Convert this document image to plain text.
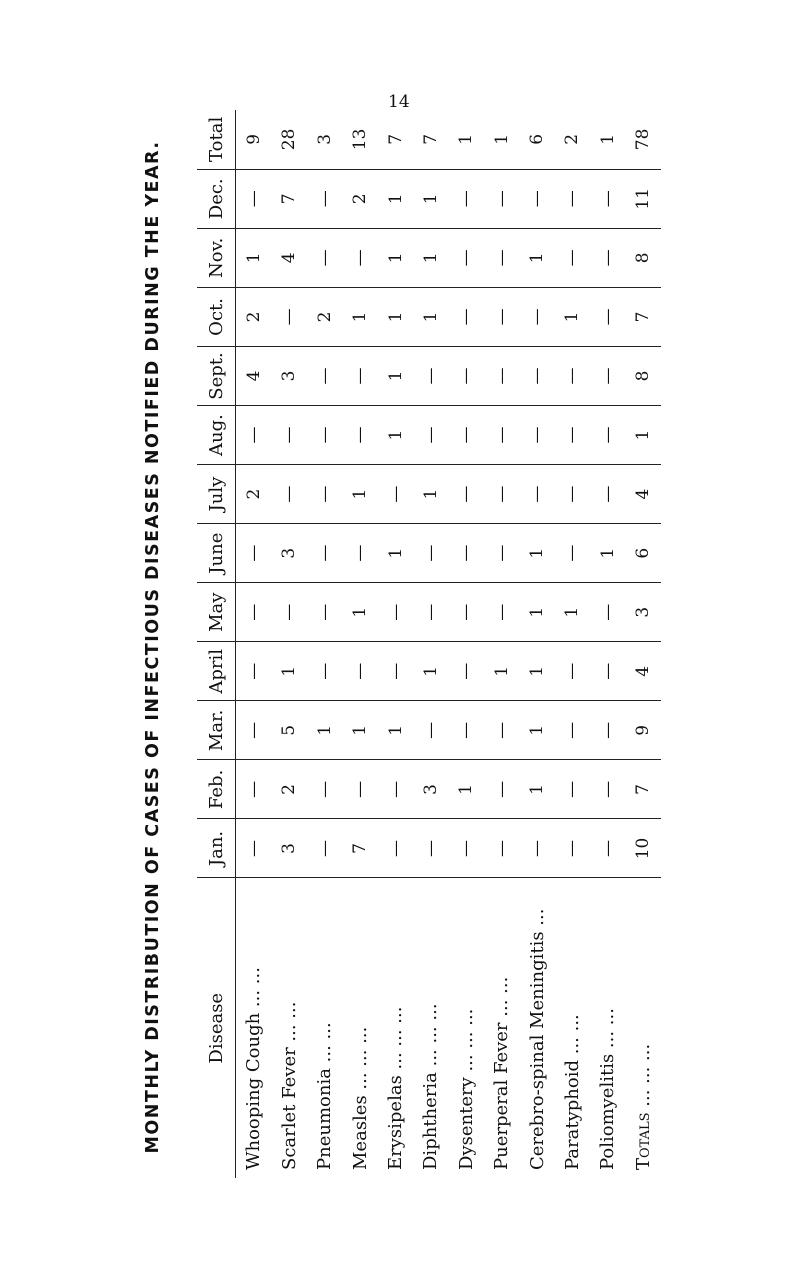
14
MONTHLY DISTRIBUTION OF CASES OF INFECTIOUS DISEASES NOTIFIED DURING THE YEAR. Disease	Jan.	Feb.	Mar.	April	May	June	July	Aug.	Sept.	Oct.	Nov.	Dec.	Total
Whooping Cough ... ...	—	—	—	—	—	—	2	—	4	2	1	—	9
Scarlet Fever ... ...	3	2	5	1	—	3	—	—	3	—	4	7	28
Pneumonia ... ...	—	—	1	—	—	—	—	—	—	2	—	—	3
Measles ... ... ...	7	—	1	—	1	—	1	—	—	1	—	2	13
Erysipelas ... ... ...	—	—	1	—	—	1	—	1	1	1	1	1	7
Diphtheria ... ... ...	—	3	—	1	—	—	1	—	—	1	1	1	7
Dysentery ... ... ...	—	1	—	—	—	—	—	—	—	—	—	—	1
Puerperal Fever ... ...	—	—	—	1	—	—	—	—	—	—	—	—	1
Cerebro-spinal Meningitis ...	—	1	1	1	1	1	—	—	—	—	1	—	6
Paratyphoid ... ...	—	—	—	—	1	—	—	—	—	1	—	—	2
Poliomyelitis ... ...	—	—	—	—	—	1	—	—	—	—	—	—	1
Totals ... ... ...	10	7	9	4	3	6	4	1	8	7	8	11	78
